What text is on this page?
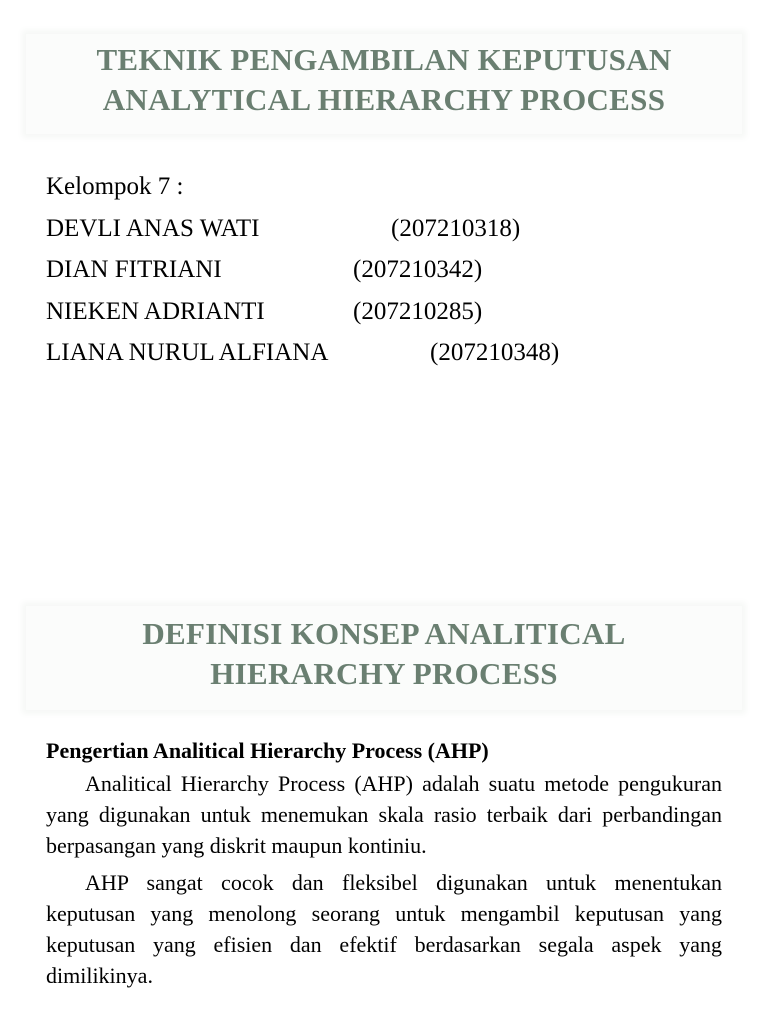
TEKNIK PENGAMBILAN KEPUTUSAN
ANALYTICAL HIERARCHY PROCESS
Kelompok 7 :
DEVLI ANAS WATI	(207210318)
DIAN FITRIANI	(207210342)
NIEKEN ADRIANTI	(207210285)
LIANA NURUL ALFIANA	(207210348)
DEFINISI KONSEP ANALITICAL
HIERARCHY PROCESS
Pengertian Analitical Hierarchy Process (AHP)

Analitical Hierarchy Process (AHP) adalah suatu metode pengukuran yang digunakan untuk menemukan skala rasio terbaik dari perbandingan berpasangan yang diskrit maupun kontiniu.

AHP sangat cocok dan fleksibel digunakan untuk menentukan keputusan yang menolong seorang untuk mengambil keputusan yang keputusan yang efisien dan efektif berdasarkan segala aspek yang dimilikinya.
